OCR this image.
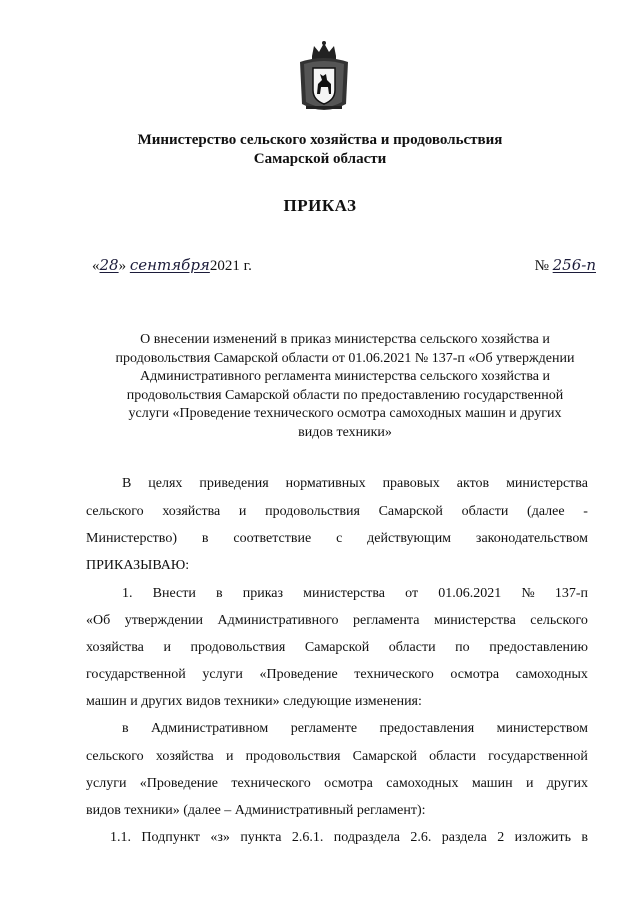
Министерство сельского хозяйства и продовольствия
Самарской области
ПРИКАЗ
«28» сентября2021 г.	№ 256-п
О внесении изменений в приказ министерства сельского хозяйства и
продовольствия Самарской области от 01.06.2021 № 137-п «Об утверждении
Административного регламента министерства сельского хозяйства и
продовольствия Самарской области по предоставлению государственной
услуги «Проведение технического осмотра самоходных машин и других
видов техники»
В целях приведения нормативных правовых актов министерства
сельского хозяйства и продовольствия Самарской области (далее -
Министерство) в соответствие с действующим законодательством
ПРИКАЗЫВАЮ:
1. Внести в приказ министерства от 01.06.2021 № 137-п
«Об утверждении Административного регламента министерства сельского
хозяйства и продовольствия Самарской области по предоставлению
государственной услуги «Проведение технического осмотра самоходных
машин и других видов техники» следующие изменения:
в Административном регламенте предоставления министерством
сельского хозяйства и продовольствия Самарской области государственной
услуги «Проведение технического осмотра самоходных машин и других
видов техники» (далее – Административный регламент):
1.1. Подпункт «з» пункта 2.6.1. подраздела 2.6. раздела 2 изложить в
